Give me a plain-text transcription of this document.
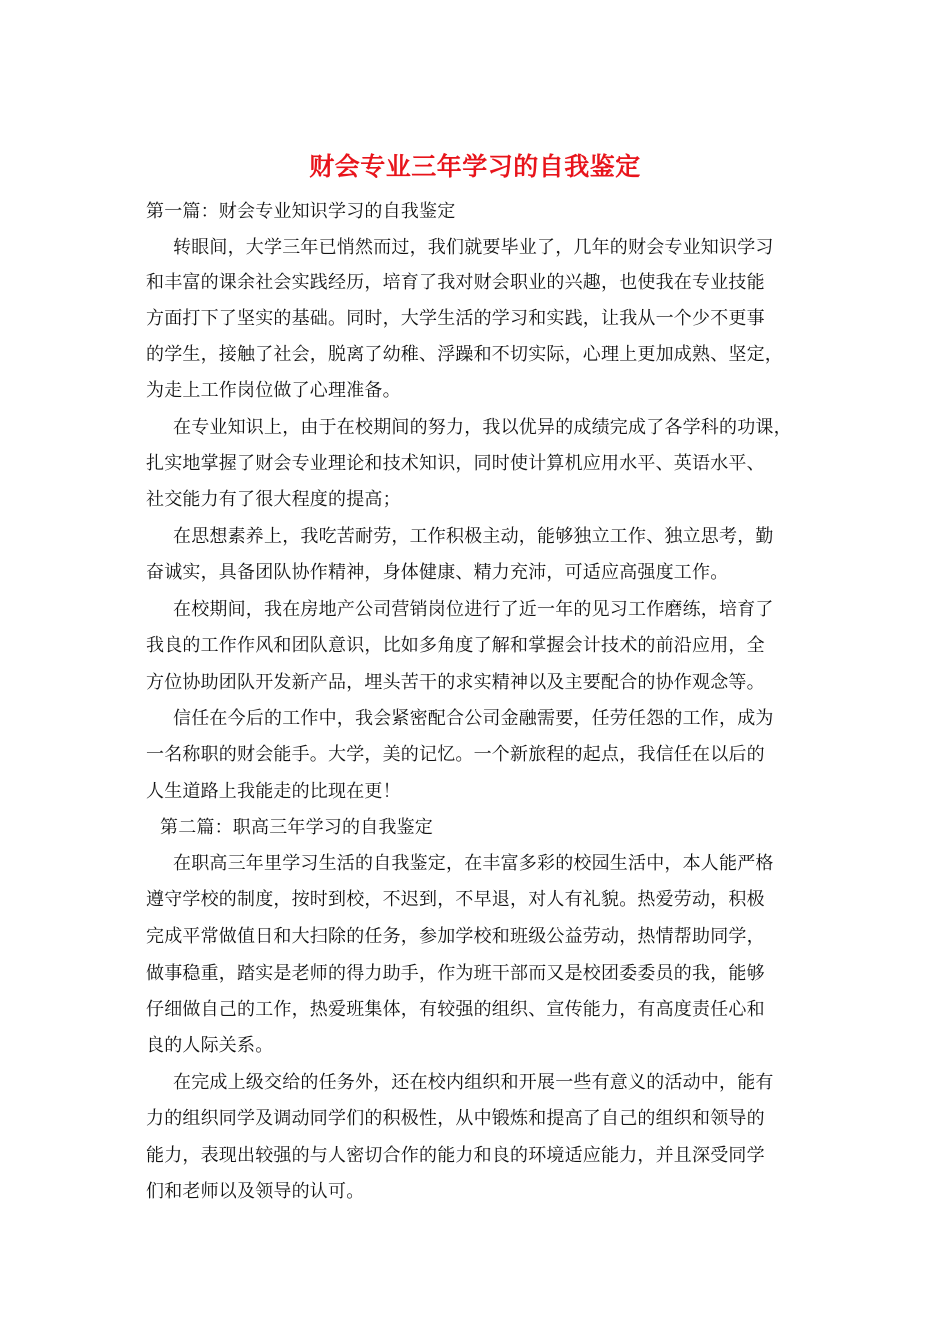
财会专业三年学习的自我鉴定
第一篇：财会专业知识学习的自我鉴定
转眼间，大学三年已悄然而过，我们就要毕业了，几年的财会专业知识学习
和丰富的课余社会实践经历，培育了我对财会职业的兴趣，也使我在专业技能
方面打下了坚实的基础。同时，大学生活的学习和实践，让我从一个少不更事
的学生，接触了社会，脱离了幼稚、浮躁和不切实际，心理上更加成熟、坚定，
为走上工作岗位做了心理准备。
在专业知识上，由于在校期间的努力，我以优异的成绩完成了各学科的功课，
扎实地掌握了财会专业理论和技术知识，同时使计算机应用水平、英语水平、
社交能力有了很大程度的提高；
在思想素养上，我吃苦耐劳，工作积极主动，能够独立工作、独立思考，勤
奋诚实，具备团队协作精神，身体健康、精力充沛，可适应高强度工作。
在校期间，我在房地产公司营销岗位进行了近一年的见习工作磨练，培育了
我良的工作作风和团队意识，比如多角度了解和掌握会计技术的前沿应用，全
方位协助团队开发新产品，埋头苦干的求实精神以及主要配合的协作观念等。
信任在今后的工作中，我会紧密配合公司金融需要，任劳任怨的工作，成为
一名称职的财会能手。大学，美的记忆。一个新旅程的起点，我信任在以后的
人生道路上我能走的比现在更！
第二篇：职高三年学习的自我鉴定
在职高三年里学习生活的自我鉴定，在丰富多彩的校园生活中，本人能严格
遵守学校的制度，按时到校，不迟到，不早退，对人有礼貌。热爱劳动，积极
完成平常做值日和大扫除的任务，参加学校和班级公益劳动，热情帮助同学，
做事稳重，踏实是老师的得力助手，作为班干部而又是校团委委员的我，能够
仔细做自己的工作，热爱班集体，有较强的组织、宣传能力，有高度责任心和
良的人际关系。
在完成上级交给的任务外，还在校内组织和开展一些有意义的活动中，能有
力的组织同学及调动同学们的积极性，从中锻炼和提高了自己的组织和领导的
能力，表现出较强的与人密切合作的能力和良的环境适应能力，并且深受同学
们和老师以及领导的认可。
